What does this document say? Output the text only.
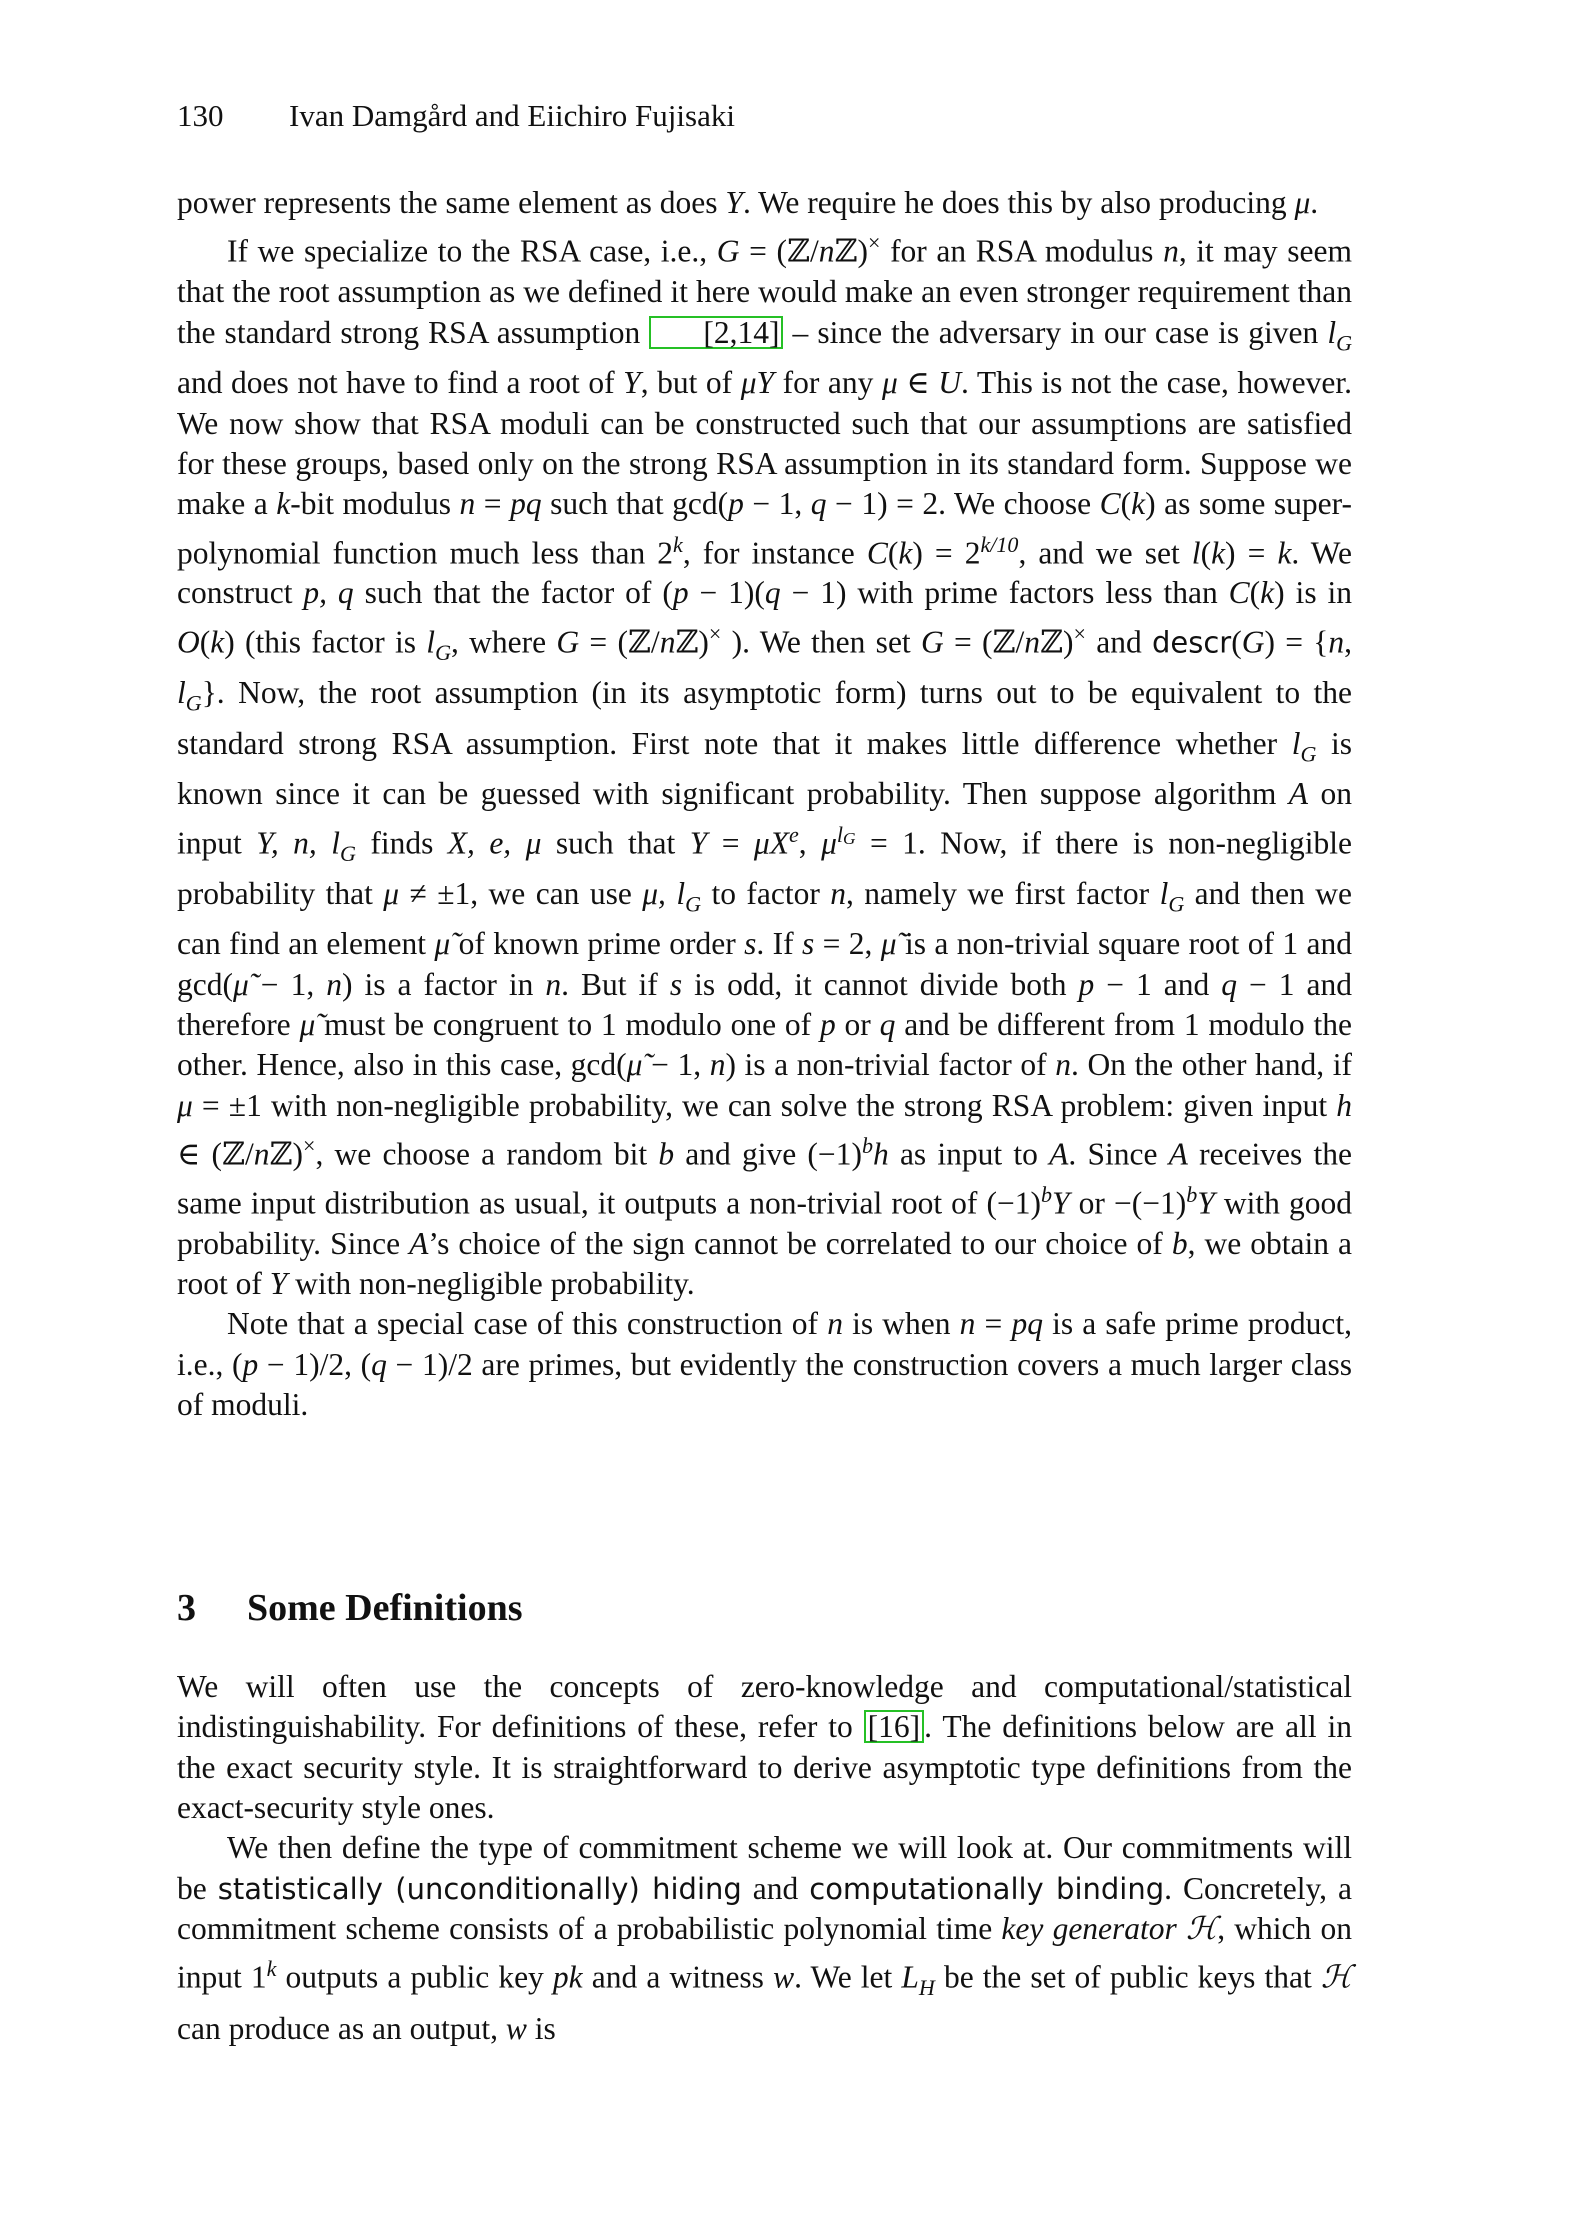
130 Ivan Damgård and Eiichiro Fujisaki

power represents the same element as does Y. We require he does this by also producing μ.

If we specialize to the RSA case, i.e., G = (ℤ/nℤ)× for an RSA modulus n, it may seem that the root assumption as we defined it here would make an even stronger requirement than the standard strong RSA assumption [2,14] – since the adversary in our case is given $l_G$ and does not have to find a root of Y, but of μY for any μ ∈ U. This is not the case, however. We now show that RSA moduli can be constructed such that our assumptions are satisfied for these groups, based only on the strong RSA assumption in its standard form. Suppose we make a k-bit modulus n = pq such that gcd(p − 1, q − 1) = 2. We choose C(k) as some super-polynomial function much less than 2$^k$, for instance $C(k) = 2^{k/10}$, and we set l(k) = k. We construct p, q such that the factor of (p − 1)(q − 1) with prime factors less than C(k) is in O(k) (this factor is $l_G$, where G = (ℤ/nℤ)× ). We then set G = (ℤ/nℤ)× and descr(G) = {n, $l_G$}. Now, the root assumption (in its asymptotic form) turns out to be equivalent to the standard strong RSA assumption. First note that it makes little difference whether $l_G$ is known since it can be guessed with significant probability. Then suppose algorithm A on input Y, n, $l_G$ finds X, e, μ such that $Y = \mu X^e$, $\mu^l_G = 1$. Now, if there is non-negligible probability that μ ≠ ±1, we can use μ, $l_G$ to factor n, namely we first factor $l_G$ and then we can find an element μ̃ of known prime order s. If s = 2, μ̃ is a non-trivial square root of 1 and gcd(μ̃ − 1, n) is a factor in n. But if s is odd, it cannot divide both p − 1 and q − 1 and therefore μ̃ must be congruent to 1 modulo one of p or q and be different from 1 modulo the other. Hence, also in this case, gcd(μ̃ − 1, n) is a non-trivial factor of n. On the other hand, if μ = ±1 with non-negligible probability, we can solve the strong RSA problem: given input h ∈ (ℤ/nℤ)×, we choose a random bit b and give $(-1)^bh$ as input to A. Since A receives the same input distribution as usual, it outputs a non-trivial root of $(-1)^bY$ or $-(-1)^bY$ with good probability. Since A’s choice of the sign cannot be correlated to our choice of b, we obtain a root of Y with non-negligible probability.

Note that a special case of this construction of n is when n = pq is a safe prime product, i.e., (p − 1)/2, (q − 1)/2 are primes, but evidently the construction covers a much larger class of moduli.

3 Some Definitions

We will often use the concepts of zero-knowledge and computational/statistical indistinguishability. For definitions of these, refer to [16] . The definitions below are all in the exact security style. It is straightforward to derive asymptotic type definitions from the exact-security style ones.

We then define the type of commitment scheme we will look at. Our commitments will be statistically (unconditionally) hiding and computationally binding. Concretely, a commitment scheme consists of a probabilistic polynomial time key generator ℋ, which on input 1$^k$ outputs a public key pk and a witness w. We let $L_H$ be the set of public keys that ℋ can produce as an output, w is
